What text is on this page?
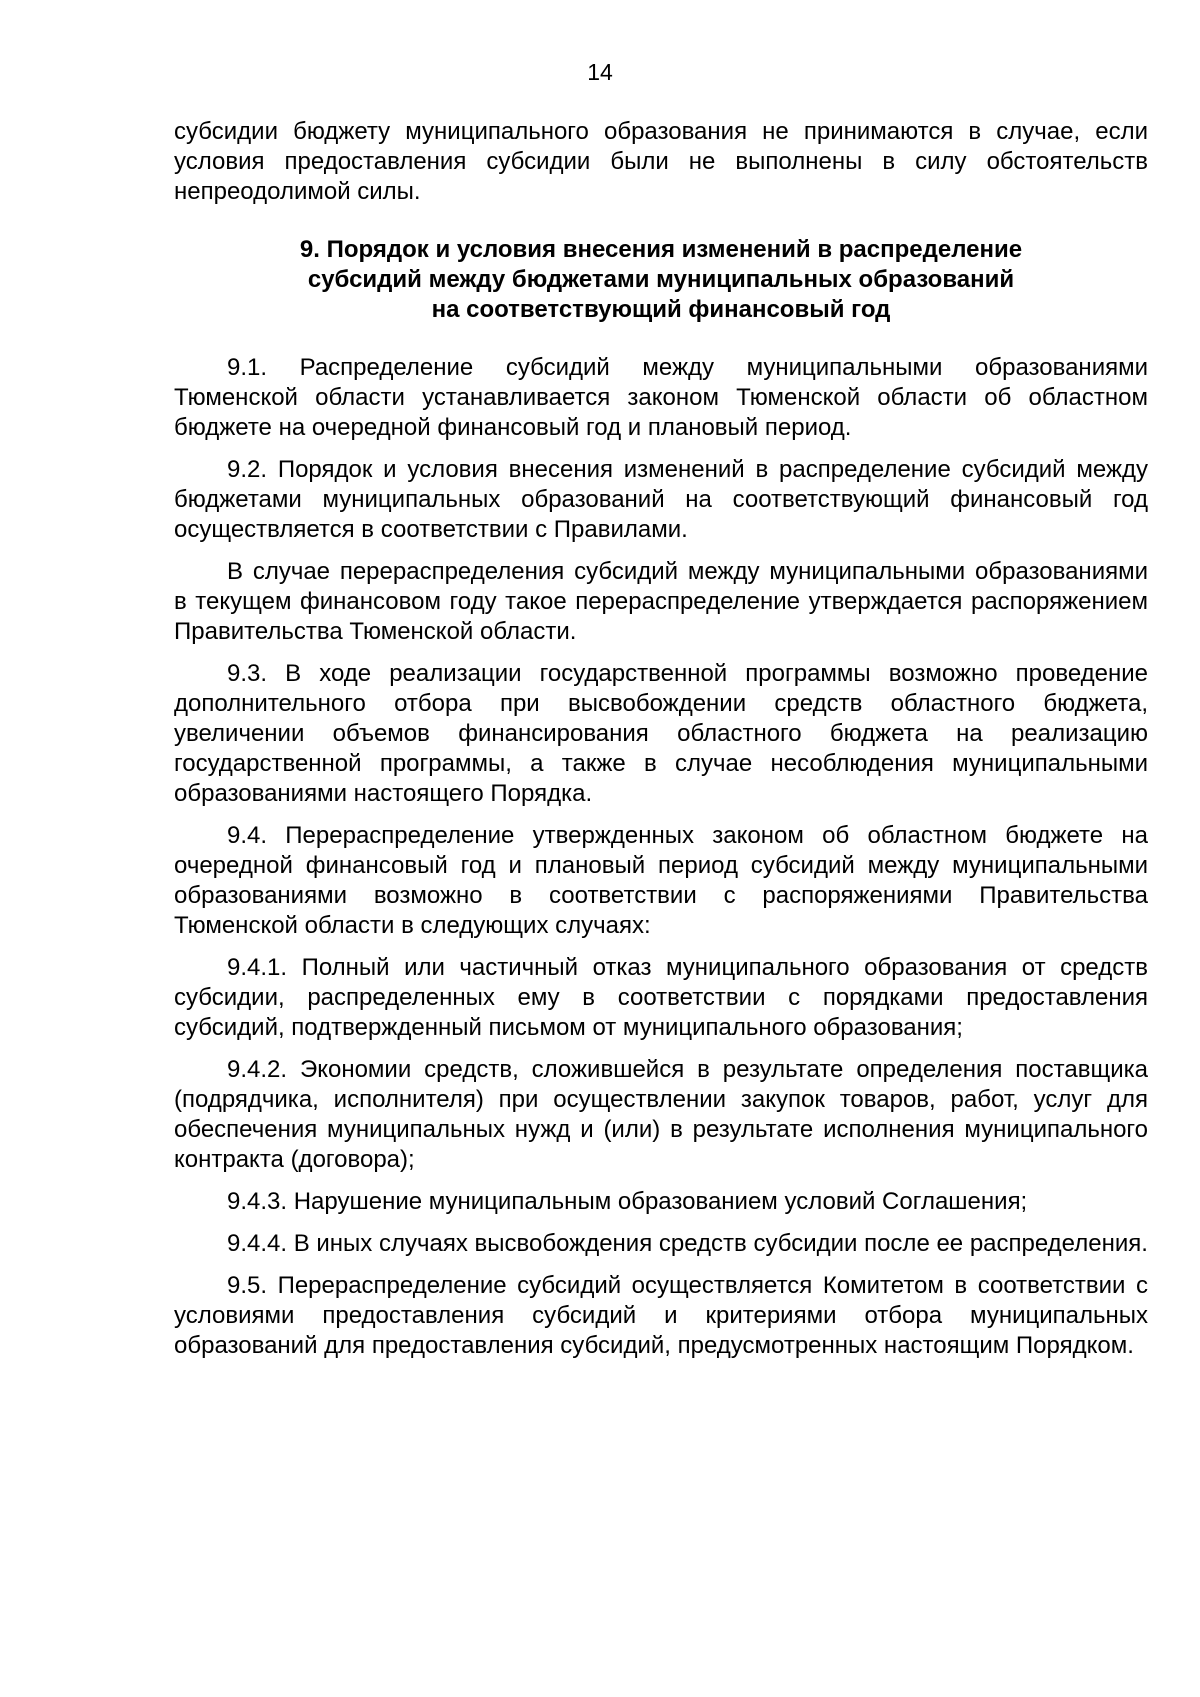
14

субсидии бюджету муниципального образования не принимаются в случае, если условия предоставления субсидии были не выполнены в силу обстоятельств непреодолимой силы.

9. Порядок и условия внесения изменений в распределение
субсидий между бюджетами муниципальных образований
на соответствующий финансовый год

9.1. Распределение субсидий между муниципальными образованиями Тюменской области устанавливается законом Тюменской области об областном бюджете на очередной финансовый год и плановый период.

9.2. Порядок и условия внесения изменений в распределение субсидий между бюджетами муниципальных образований на соответствующий финансовый год осуществляется в соответствии с Правилами.

В случае перераспределения субсидий между муниципальными образованиями в текущем финансовом году такое перераспределение утверждается распоряжением Правительства Тюменской области.

9.3. В ходе реализации государственной программы возможно проведение дополнительного отбора при высвобождении средств областного бюджета, увеличении объемов финансирования областного бюджета на реализацию государственной программы, а также в случае несоблюдения муниципальными образованиями настоящего Порядка.

9.4. Перераспределение утвержденных законом об областном бюджете на очередной финансовый год и плановый период субсидий между муниципальными образованиями возможно в соответствии с распоряжениями Правительства Тюменской области в следующих случаях:

9.4.1. Полный или частичный отказ муниципального образования от средств субсидии, распределенных ему в соответствии с порядками предоставления субсидий, подтвержденный письмом от муниципального образования;

9.4.2. Экономии средств, сложившейся в результате определения поставщика (подрядчика, исполнителя) при осуществлении закупок товаров, работ, услуг для обеспечения муниципальных нужд и (или) в результате исполнения муниципального контракта (договора);

9.4.3. Нарушение муниципальным образованием условий Соглашения;

9.4.4. В иных случаях высвобождения средств субсидии после ее распределения.

9.5. Перераспределение субсидий осуществляется Комитетом в соответствии с условиями предоставления субсидий и критериями отбора муниципальных образований для предоставления субсидий, предусмотренных настоящим Порядком.
